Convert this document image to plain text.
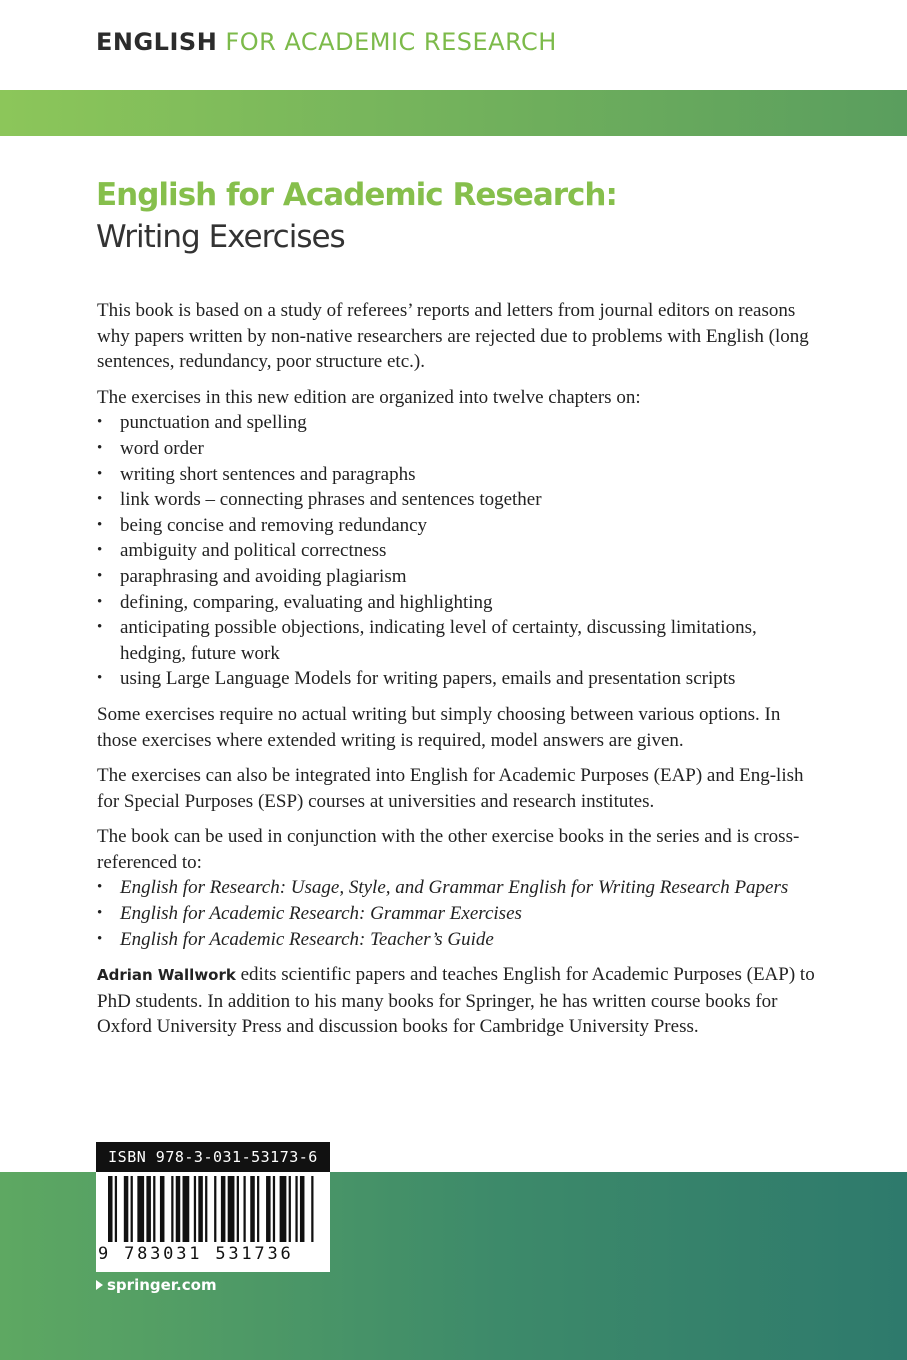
ENGLISH FOR ACADEMIC RESEARCH
English for Academic Research:
Writing Exercises

This book is based on a study of referees’ reports and letters from journal editors on reasons why papers written by non-native researchers are rejected due to problems with English (long sentences, redundancy, poor structure etc.).

The exercises in this new edition are organized into twelve chapters on:

• punctuation and spelling
• word order
• writing short sentences and paragraphs
• link words – connecting phrases and sentences together
• being concise and removing redundancy
• ambiguity and political correctness
• paraphrasing and avoiding plagiarism
• defining, comparing, evaluating and highlighting
• anticipating possible objections, indicating level of certainty, discussing limitations, hedging, future work
• using Large Language Models for writing papers, emails and presentation scripts

Some exercises require no actual writing but simply choosing between various options. In those exercises where extended writing is required, model answers are given.

The exercises can also be integrated into English for Academic Purposes (EAP) and Eng-lish for Special Purposes (ESP) courses at universities and research institutes.

The book can be used in conjunction with the other exercise books in the series and is cross-referenced to:

• English for Research: Usage, Style, and Grammar English for Writing Research Papers
• English for Academic Research: Grammar Exercises
• English for Academic Research: Teacher’s Guide

Adrian Wallwork edits scientific papers and teaches English for Academic Purposes (EAP) to PhD students. In addition to his many books for Springer, he has written course books for Oxford University Press and discussion books for Cambridge University Press.

ISBN 978-3-031-53173-6
9 783031 531736
springer.com
